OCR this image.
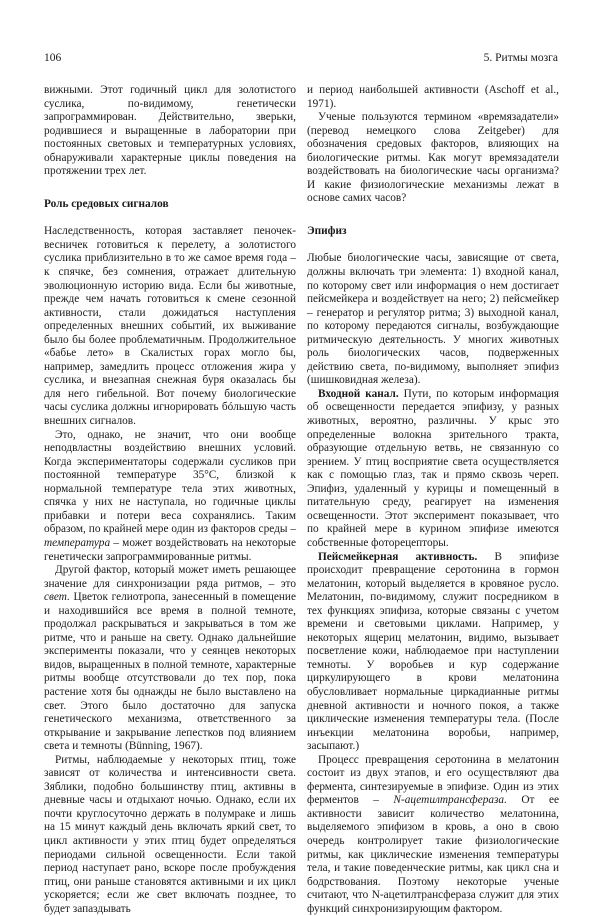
106	5. Ритмы мозга

вижными. Этот годичный цикл для золотистого суслика, по-видимому, генетически запрограммирован. Действительно, зверьки, родившиеся и выращенные в лаборатории при постоянных световых и температурных условиях, обнаруживали характерные циклы поведения на протяжении трех лет.

Роль средовых сигналов

Наследственность, которая заставляет пеночек-весничек готовиться к перелету, а золотистого суслика приблизительно в то же самое время года – к спячке, без сомнения, отражает длительную эволюционную историю вида. Если бы животные, прежде чем начать готовиться к смене сезонной активности, стали дожидаться наступления определенных внешних событий, их выживание было бы более проблематичным. Продолжительное «бабье лето» в Скалистых горах могло бы, например, замедлить процесс отложения жира у суслика, и внезапная снежная буря оказалась бы для него гибельной. Вот почему биологические часы суслика должны игнорировать бóльшую часть внешних сигналов.

Это, однако, не значит, что они вообще неподвластны воздействию внешних условий. Когда экспериментаторы содержали сусликов при постоянной температуре 35°C, близкой к нормальной температуре тела этих животных, спячка у них не наступала, но годичные циклы прибавки и потери веса сохранялись. Таким образом, по крайней мере один из факторов среды – температура – может воздействовать на некоторые генетически запрограммированные ритмы.

Другой фактор, который может иметь решающее значение для синхронизации ряда ритмов, – это свет. Цветок гелиотропа, занесенный в помещение и находившийся все время в полной темноте, продолжал раскрываться и закрываться в том же ритме, что и раньше на свету. Однако дальнейшие эксперименты показали, что у сеянцев некоторых видов, выращенных в полной темноте, характерные ритмы вообще отсутствовали до тех пор, пока растение хотя бы однажды не было выставлено на свет. Этого было достаточно для запуска генетического механизма, ответственного за открывание и закрывание лепестков под влиянием света и темноты (Bünning, 1967).

Ритмы, наблюдаемые у некоторых птиц, тоже зависят от количества и интенсивности света. Зяблики, подобно большинству птиц, активны в дневные часы и отдыхают ночью. Однако, если их почти круглосуточно держать в полумраке и лишь на 15 минут каждый день включать яркий свет, то цикл активности у этих птиц будет определяться периодами сильной освещенности. Если такой период наступает рано, вскоре после пробуждения птиц, они раньше становятся активными и их цикл ускоряется; если же свет включать позднее, то будет запаздывать

и период наибольшей активности (Aschoff et al., 1971).

Ученые пользуются термином «времязадатели» (перевод немецкого слова Zeitgeber) для обозначения средовых факторов, влияющих на биологические ритмы. Как могут времязадатели воздействовать на биологические часы организма? И какие физиологические механизмы лежат в основе самих часов?

Эпифиз

Любые биологические часы, зависящие от света, должны включать три элемента: 1) входной канал, по которому свет или информация о нем достигает пейсмейкера и воздействует на него; 2) пейсмейкер – генератор и регулятор ритма; 3) выходной канал, по которому передаются сигналы, возбуждающие ритмическую деятельность. У многих животных роль биологических часов, подверженных действию света, по-видимому, выполняет эпифиз (шишковидная железа).

Входной канал. Пути, по которым информация об освещенности передается эпифизу, у разных животных, вероятно, различны. У крыс это определенные волокна зрительного тракта, образующие отдельную ветвь, не связанную со зрением. У птиц восприятие света осуществляется как с помощью глаз, так и прямо сквозь череп. Эпифиз, удаленный у курицы и помещенный в питательную среду, реагирует на изменения освещенности. Этот эксперимент показывает, что по крайней мере в курином эпифизе имеются собственные фоторецепторы.

Пейсмейкерная активность. В эпифизе происходит превращение серотонина в гормон мелатонин, который выделяется в кровяное русло. Мелатонин, по-видимому, служит посредником в тех функциях эпифиза, которые связаны с учетом времени и световыми циклами. Например, у некоторых ящериц мелатонин, видимо, вызывает посветление кожи, наблюдаемое при наступлении темноты. У воробьев и кур содержание циркулирующего в крови мелатонина обусловливает нормальные циркадианные ритмы дневной активности и ночного покоя, а также циклические изменения температуры тела. (После инъекции мелатонина воробьи, например, засыпают.)

Процесс превращения серотонина в мелатонин состоит из двух этапов, и его осуществляют два фермента, синтезируемые в эпифизе. Один из этих ферментов – N-ацетилтрансфераза. От ее активности зависит количество мелатонина, выделяемого эпифизом в кровь, а оно в свою очередь контролирует такие физиологические ритмы, как циклические изменения температуры тела, и такие поведенческие ритмы, как цикл сна и бодрствования. Поэтому некоторые ученые считают, что N-ацетилтрансфераза служит для этих функций синхронизирующим фактором.
